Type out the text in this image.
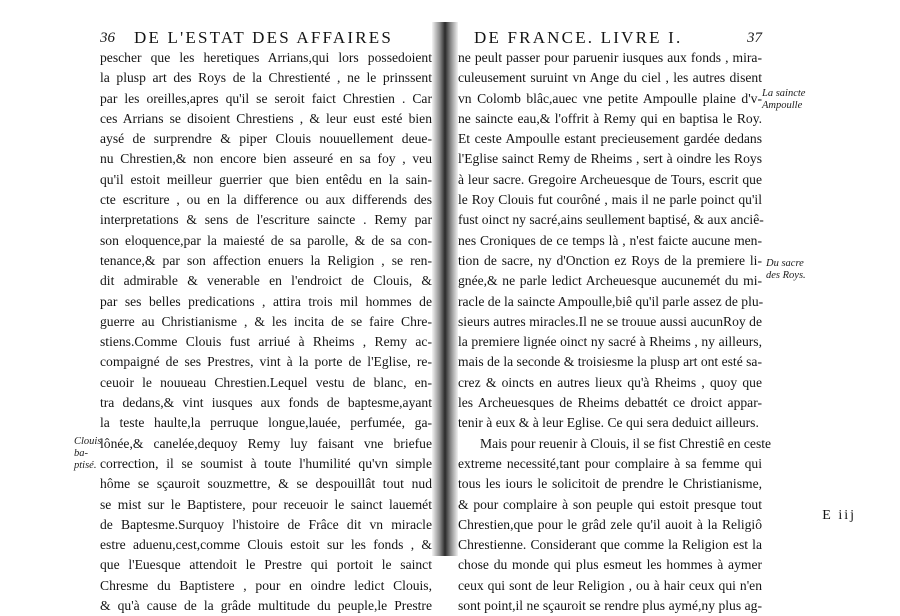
36 DE L'ESTAT DES AFFAIRES
pescher que les heretiques Arrians,qui lors possedoient
la plusp art des Roys de la Chrestienté , ne le prinssent
par les oreilles,apres qu'il se seroit faict Chrestien . Car
ces Arrians se disoient Chrestiens , & leur eust esté bien
aysé de surprendre & piper Clouis nouuellement deue-
nu Chrestien,& non encore bien asseuré en sa foy , veu
qu'il estoit meilleur guerrier que bien entêdu en la sain-
cte escriture , ou en la difference ou aux differends des
interpretations & sens de l'escriture saincte . Remy par
son eloquence,par la maiesté de sa parolle, & de sa con-
tenance,& par son affection enuers la Religion , se ren-
dit admirable & venerable en l'endroict de Clouis, &
par ses belles predications , attira trois mil hommes de
guerre au Christianisme , & les incita de se faire Chre-
stiens.Comme Clouis fust arriué à Rheims , Remy ac-
compaigné de ses Prestres, vint à la porte de l'Eglise, re-
ceuoir le nouueau Chrestien.Lequel vestu de blanc, en-
tra dedans,& vint iusques aux fonds de baptesme,ayant
la teste haulte,la perruque longue,lauée, perfumée, ga-
lônée,& canelée,dequoy Remy luy faisant vne briefue
correction, il se soumist à toute l'humilité qu'vn simple
hôme se sçauroit souzmettre, & se despouillât tout nud
se mist sur le Baptistere, pour receuoir le sainct lauemét
de Baptesme.Surquoy l'histoire de Frâce dit vn miracle
estre aduenu,cest,comme Clouis estoit sur les fonds , &
que l'Euesque attendoit le Prestre qui portoit le sainct
Chresme du Baptistere , pour en oindre ledict Clouis,
& qu'à cause de la grâde multitude du peuple,le Prestre
Clouis ba-
ptisé.
DE FRANCE. LIVRE I.	37
ne peult passer pour paruenir iusques aux fonds , mira-
culeusement suruint vn Ange du ciel , les autres disent
vn Colomb blâc,auec vne petite Ampoulle plaine d'v-
ne saincte eau,& l'offrit à Remy qui en baptisa le Roy.
Et ceste Ampoulle estant precieusement gardée dedans
l'Eglise sainct Remy de Rheims , sert à oindre les Roys
à leur sacre. Gregoire Archeuesque de Tours, escrit que
le Roy Clouis fut courôné , mais il ne parle poinct qu'il
fust oinct ny sacré,ains seullement baptisé, & aux anciê-
nes Croniques de ce temps là , n'est faicte aucune men-
tion de sacre, ny d'Onction ez Roys de la premiere li-
gnée,& ne parle ledict Archeuesque aucunemét du mi-
racle de la saincte Ampoulle,biê qu'il parle assez de plu-
sieurs autres miracles.Il ne se trouue aussi aucunRoy de
la premiere lignée oinct ny sacré à Rheims , ny ailleurs,
mais de la seconde & troisiesme la plusp art ont esté sa-
crez & oincts en autres lieux qu'à Rheims , quoy que
les Archeuesques de Rheims debattét ce droict appar-
tenir à eux & à leur Eglise. Ce qui sera deduict ailleurs.
Mais pour reuenir à Clouis, il se fist Chrestiê en ceste
extreme necessité,tant pour complaire à sa femme qui
tous les iours le solicitoit de prendre le Christianisme,
& pour complaire à son peuple qui estoit presque tout
Chrestien,que pour le grâd zele qu'il auoit à la Religiô
Chrestienne. Considerant que comme la Religion est la
chose du monde qui plus esmeut les hommes à aymer
ceux qui sont de leur Religion , ou à hair ceux qui n'en
sont point,il ne sçauroit se rendre plus aymé,ny plus ag-
La saincte
Ampoulle
Du sacre
des Roys.
E iij
